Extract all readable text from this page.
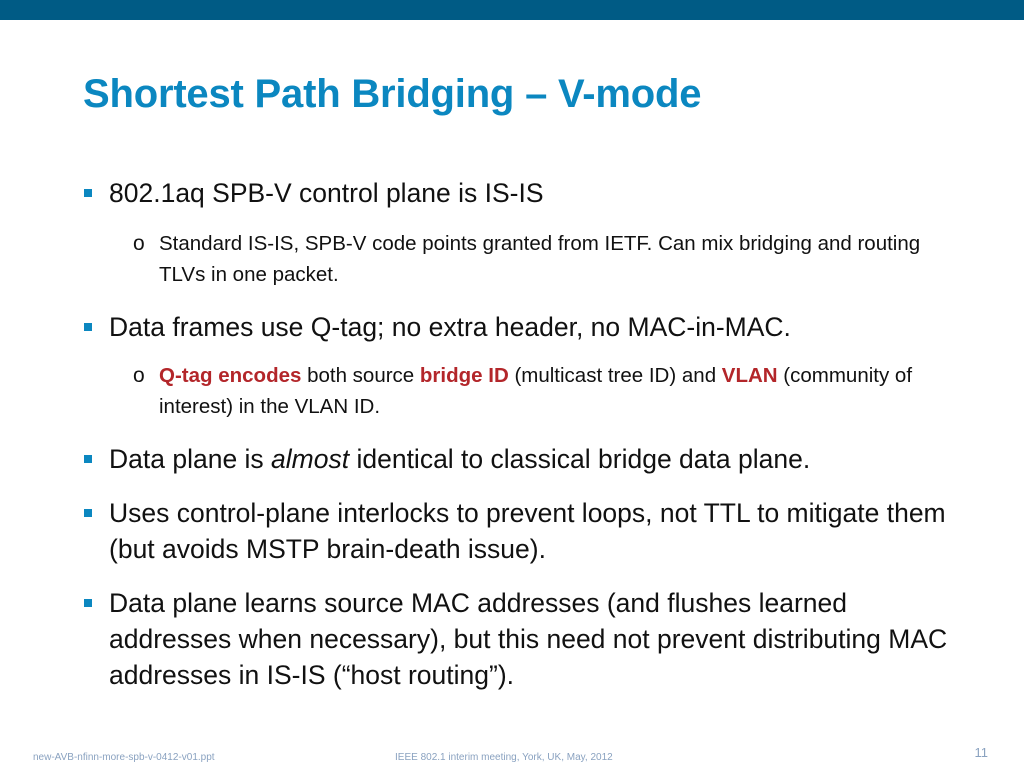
Shortest Path Bridging – V-mode
802.1aq SPB-V control plane is IS-IS
o Standard IS-IS, SPB-V code points granted from IETF. Can mix bridging and routing TLVs in one packet.
Data frames use Q-tag; no extra header, no MAC-in-MAC.
o Q-tag encodes both source bridge ID (multicast tree ID) and VLAN (community of interest) in the VLAN ID.
Data plane is almost identical to classical bridge data plane.
Uses control-plane interlocks to prevent loops, not TTL to mitigate them (but avoids MSTP brain-death issue).
Data plane learns source MAC addresses (and flushes learned addresses when necessary), but this need not prevent distributing MAC addresses in IS-IS (“host routing”).
new-AVB-nfinn-more-spb-v-0412-v01.ppt	IEEE 802.1 interim meeting, York, UK, May, 2012	11
